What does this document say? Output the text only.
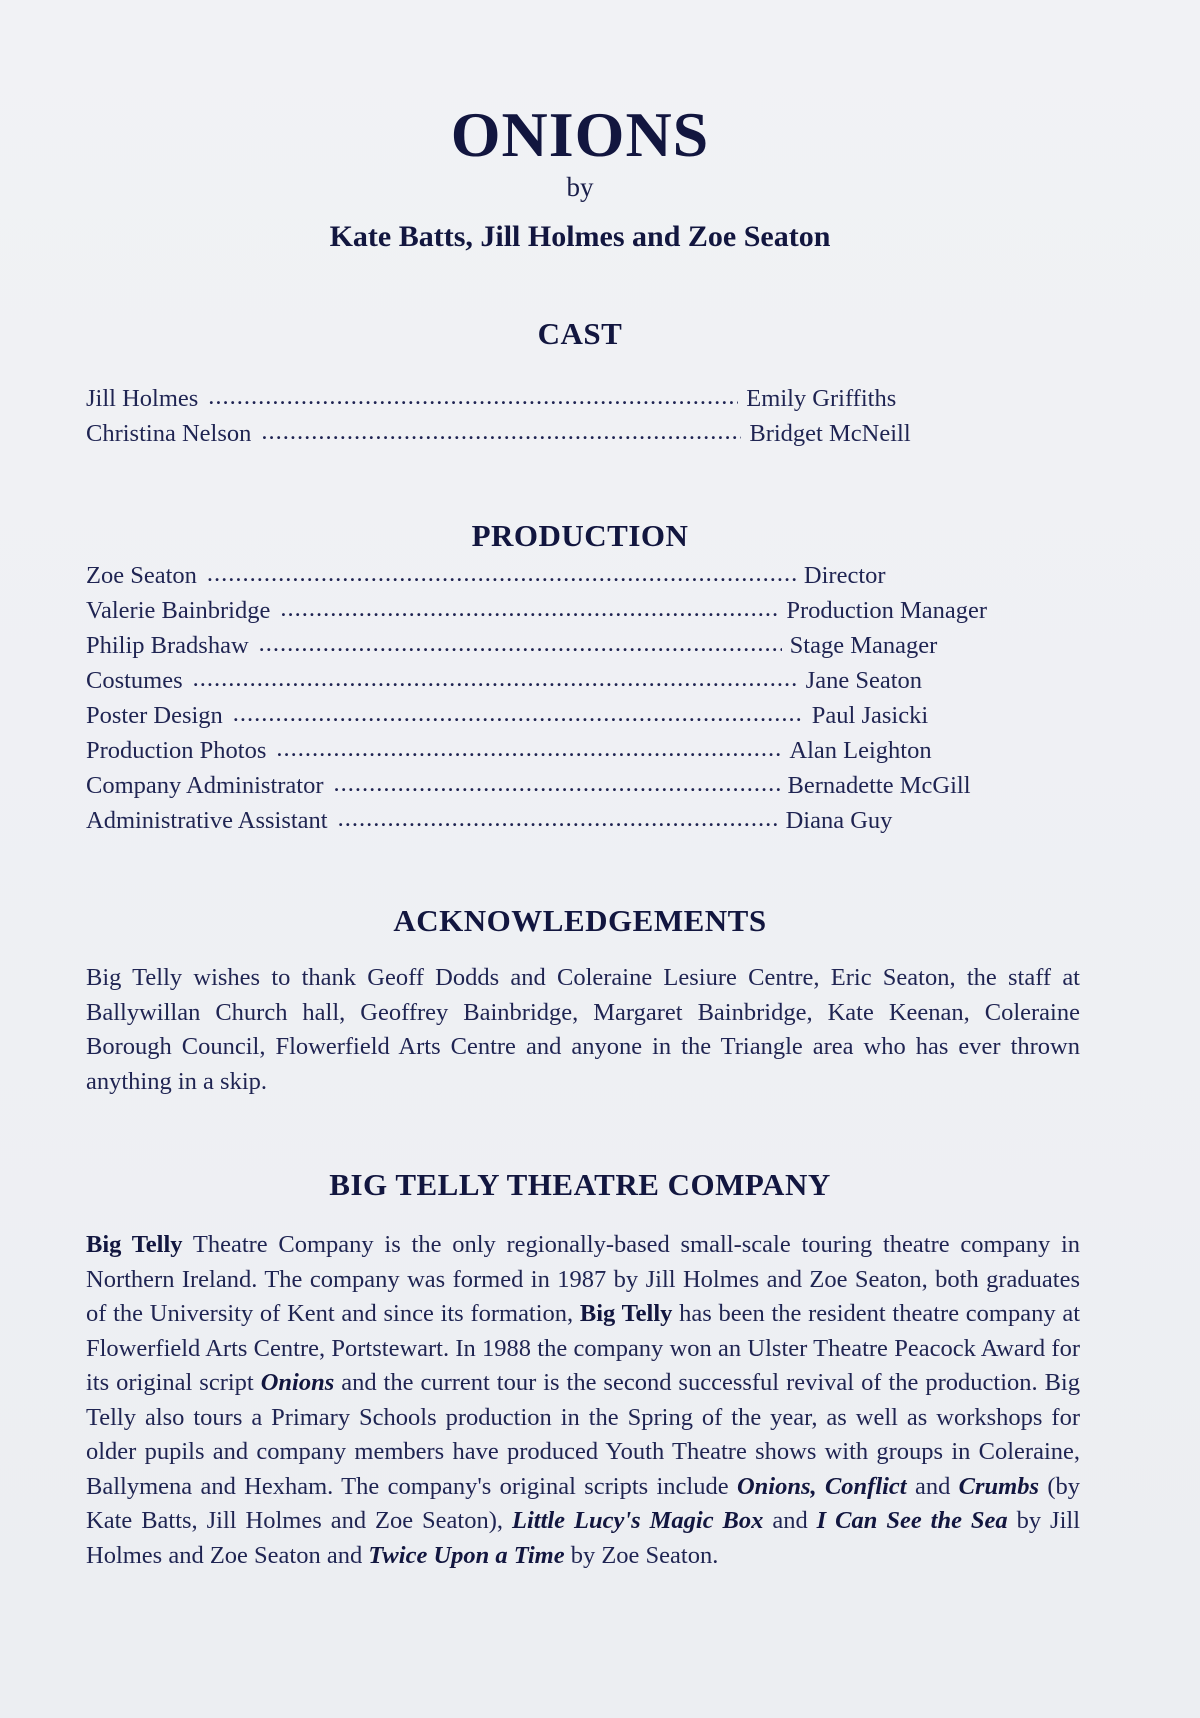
ONIONS
by
Kate Batts, Jill Holmes and Zoe Seaton
CAST
Jill Holmes .....	Emily Griffiths
Christina Nelson .....	Bridget McNeill
PRODUCTION
Zoe Seaton .....	Director
Valerie Bainbridge .....	Production Manager
Philip Bradshaw .....	Stage Manager
Costumes .....	Jane Seaton
Poster Design .....	Paul Jasicki
Production Photos .....	Alan Leighton
Company Administrator .....	Bernadette McGill
Administrative Assistant .....	Diana Guy
ACKNOWLEDGEMENTS
Big Telly wishes to thank Geoff Dodds and Coleraine Lesiure Centre, Eric Seaton, the staff at Ballywillan Church hall, Geoffrey Bainbridge, Margaret Bainbridge, Kate Keenan, Coleraine Borough Council, Flowerfield Arts Centre and anyone in the Triangle area who has ever thrown anything in a skip.
BIG TELLY THEATRE COMPANY
Big Telly Theatre Company is the only regionally-based small-scale touring theatre company in Northern Ireland. The company was formed in 1987 by Jill Holmes and Zoe Seaton, both graduates of the University of Kent and since its formation, Big Telly has been the resident theatre company at Flowerfield Arts Centre, Portstewart. In 1988 the company won an Ulster Theatre Peacock Award for its original script Onions and the current tour is the second successful revival of the production. Big Telly also tours a Primary Schools production in the Spring of the year, as well as workshops for older pupils and company members have produced Youth Theatre shows with groups in Coleraine, Ballymena and Hexham. The company's original scripts include Onions, Conflict and Crumbs (by Kate Batts, Jill Holmes and Zoe Seaton), Little Lucy's Magic Box and I Can See the Sea by Jill Holmes and Zoe Seaton and Twice Upon a Time by Zoe Seaton.
